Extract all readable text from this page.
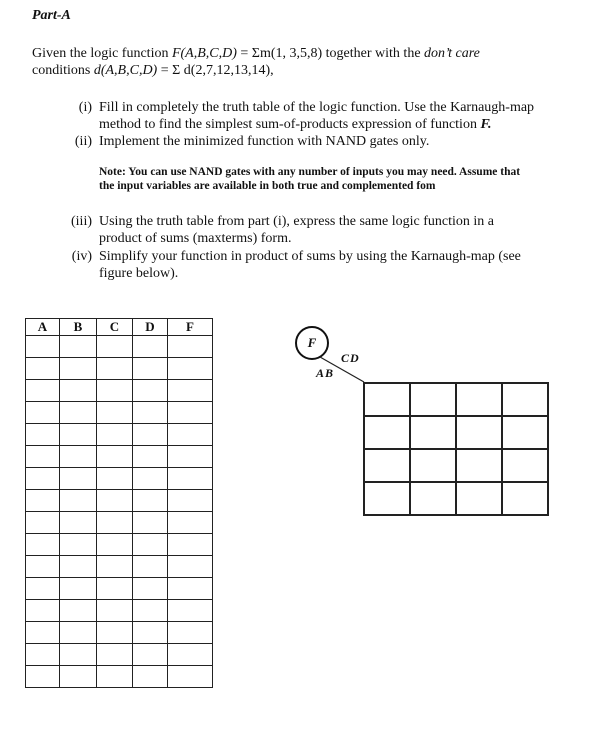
Part-A
Given the logic function F(A,B,C,D) = Σm(1, 3,5,8) together with the don’t care
conditions d(A,B,C,D) = Σ d(2,7,12,13,14),
(i) Fill in completely the truth table of the logic function. Use the Karnaugh-map
method to find the simplest sum-of-products expression of function F.
(ii) Implement the minimized function with NAND gates only.
Note: You can use NAND gates with any number of inputs you may need. Assume that
the input variables are available in both true and complemented fom
(iii) Using the truth table from part (i), express the same logic function in a
product of sums (maxterms) form.
(iv) Simplify your function in product of sums by using the Karnaugh-map (see
figure below).
A	B	C	D	F

F
CD
AB
